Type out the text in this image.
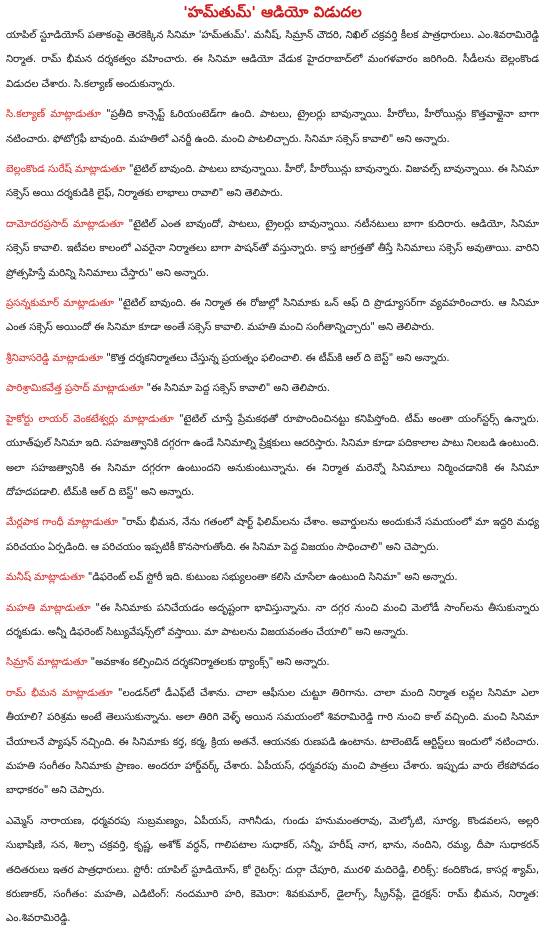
'హమ్‌తుమ్‌' ఆడియో విడుదల

యాపిల్ స్టూడియోస్ పతాకంపై తెరకెక్కిన సినిమా 'హమ్‌తుమ్'. మనీష్, సిమ్రాన్ చౌదరి, నిఖిల్ చక్రవర్తి కీలక పాత్రధారులు. ఎం.శివరామిరెడ్డి నిర్మాత. రామ్ భీమన దర్శకత్వం వహించారు. ఈ సినిమా ఆడియో వేడుక హైదరాబాద్‌లో మంగళవారం జరిగింది. సీడీలను బెల్లంకొండ విడుదల చేశారు. సి.కల్యాణ్ అందుకున్నారు.

సి.కల్యాణ్ మాట్లాడుతూ "ప్రతీది కాన్సెప్ట్ ఓరియంటెడ్‌గా ఉంది. పాటలు, ట్రైలర్లు బావున్నాయి. హీరోలు, హీరోయిన్లు కొత్తవాళ్లైనా బాగా నటించారు. ఫోటోగ్రఫీ బావుంది. మహతిలో ఎనర్జీ ఉంది. మంచి పాటలిచ్చారు. సినిమా సక్సెస్ కావాలి" అని అన్నారు.

బెల్లంకొండ సురేష్ మాట్లాడుతూ "టైటిల్ బావుంది. పాటలు బావున్నాయి. హీరో, హీరోయిన్లు బావున్నారు. విజువల్స్ బావున్నాయి. ఈ సినిమా సక్సెస్ అయి దర్శకుడికి లైఫ్, నిర్మాతకు లాభాలు రావాలి" అని తెలిపారు.

దామోదరప్రసాద్ మాట్లాడుతూ "టైటిల్ ఎంత బావుందో, పాటలు, ట్రైలర్లు బావున్నాయి. నటీనటులు బాగా కుదిరారు. ఆడియో, సినిమా సక్సెస్ కావాలి. ఇటీవల కాలంలో ఎవరైనా నిర్మాతలు బాగా పాషన్‌తో వస్తున్నారు. కాస్త జాగ్రత్తతో తీస్తే సినిమాలు సక్సెస్ అవుతాయి. వారిని ప్రోత్సహిస్తే మరిన్ని సినిమాలు చేస్తారు" అని అన్నారు.

ప్రసన్నకుమార్ మాట్లాడుతూ "టైటిల్ బావుంది. ఈ నిర్మాత ఈ రోజుల్లో సినిమాకు ఒన్ ఆఫ్ ది ప్రొడ్యూసర్‌గా వ్యవహరించారు. ఆ సినిమా ఎంత సక్సెస్ అయిందో ఈ సినిమా కూడా అంతే సక్సెస్ కావాలి. మహతి మంచి సంగీతాన్నిచ్చారు" అని తెలిపారు.

శ్రీనివాసరెడ్డి మాట్లాడుతూ "కొత్త దర్శకనిర్మాతలు చేస్తున్న ప్రయత్నం ఫలించాలి. ఈ టీమ్‌కి ఆల్ ది బెస్ట్" అని అన్నారు.

పారిశ్రామికవేత్త ప్రసాద్ మాట్లాడుతూ "ఈ సినిమా పెద్ద సక్సెస్ కావాలి" అని తెలిపారు.

హైకోర్టు లాయర్ వెంకటేశ్వర్లు మాట్లాడుతూ "టైటిల్ చూస్తే ప్రేమకథతో రూపొందించినట్టు కనిపిస్తోంది. టీమ్ అంతా యంగ్‌స్టర్స్ ఉన్నారు. యూత్‌ఫుల్ సినిమా ఇది. సహజత్వానికి దగ్గరగా ఉండే సినిమాల్ని ప్రేక్షకులు ఆదరిస్తారు. సినిమా కూడా పదికాలాల పాటు నిలబడి ఉంటుంది. అలా సహజత్వానికి ఈ సినిమా దగ్గరగా ఉంటుందని అనుకుంటున్నాను. ఈ నిర్మాత మరెన్నో సినిమాలు నిర్మించడానికి ఈ సినిమా దోహదపడాలి. టీమ్‌కి ఆల్ ది బెస్ట్" అని అన్నారు.

మేర్లపాక గాంధీ మాట్లాడుతూ "రామ్ భీమన, నేను గతంలో షార్ట్ ఫిలిమ్‌లను చేశాం. అవార్డులను అందుకునే సమయంలో మా ఇద్దరి మధ్య పరిచయం ఏర్పడింది. ఆ పరిచయం ఇప్పటికీ కొనసాగుతోంది. ఈ సినిమా పెద్ద విజయం సాధించాలి" అని చెప్పారు.

మనీష్ మాట్లాడుతూ "డిఫరెంట్ లవ్ స్టోరీ ఇది. కుటుంబ సభ్యులంతా కలిసి చూసేలా ఉంటుంది సినిమా" అని అన్నారు.

మహతి మాట్లాడుతూ "ఈ సినిమాకు పనిచేయడం అదృష్టంగా భావిస్తున్నాను. నా దగ్గర నుంచి మంచి మెలోడీ సాంగ్‌లను తీసుకున్నారు దర్శకుడు. అన్నీ డిఫరెంట్ సిట్యువేషన్స్‌లో వస్తాయి. మా పాటలను విజయవంతం చేయాలి" అని అన్నారు.

సిమ్రాన్ మాట్లాడుతూ "అవకాశం కల్పించిన దర్శకనిర్మాతలకు థ్యాంక్స్" అని అన్నారు.

రామ్ భీమన మాట్లాడుతూ "లండన్‌లో డీఎఫ్‌టీ చేశాను. చాలా ఆఫీసుల చుట్టూ తిరిగాను. చాలా మంది నిర్మాత లవ్లల సినిమా ఎలా తీయాలి? పరిశ్రమ అంటే తెలుసుకున్నాను. అలా తిరిగి వెళ్ళ్ అయిన సమయంలో శివరామిరెడ్డి గారి నుంచి కాల్ వచ్చింది. మంచి సినిమా చేయాలనే ప్యాషన్ నచ్చింది. ఈ సినిమాకు కర్త, కర్మ, క్రియ అతనే. ఆయనకు రుణపడి ఉంటాను. టాలెంటెడ్ ఆర్టిస్ట్‌లు ఇందులో నటించారు. మహతి సంగీతం సినిమాకు ప్రాణం. అందరూ హార్డ్‌వర్క్ చేశారు. ఏపీయస్, ధర్మవరపు మంచి పాత్రలు చేశారు. ఇప్పుడు వారు లేకపోవడం బాధాకరం" అని చెప్పారు.

ఎమ్మెస్ నారాయణ, ధర్మవరపు సుబ్రమణ్యం, ఏపీయస్, నాగినీడు, గుండు హనుమంతరావు, మెల్కోటి, సూర్య, కొండవలస, అల్లరి సుభాషిణి, సన, శిల్పా చక్రవర్తి, కృష్ణ, అశోక్ వర్ధన్, గాలిపటాల సుధాకర్, సన్నీ, హరీష్ నాగ, భాను, నందిని, రమ్య, దీపా సుధాకరన్ తదితరులు ఇతర పాత్రధారులు. స్టోరీ: యాపిల్ స్టూడియోస్, కో రైటర్స్: దుర్గా చేపూరి, మురళి మదిరెడ్డి, లిరిక్స్: కందికొండ, కాసర్ల శ్యామ్, కరుణాకర్, సంగీతం: మహతి, ఎడిటింగ్: నందమూరి హరి, కెమెరా: శివకుమార్, డైలాగ్స్, స్క్రీన్‌ప్లే, డైరక్షన్: రామ్ భీమన, నిర్మాత: ఎం.శివరామిరెడ్డి.
